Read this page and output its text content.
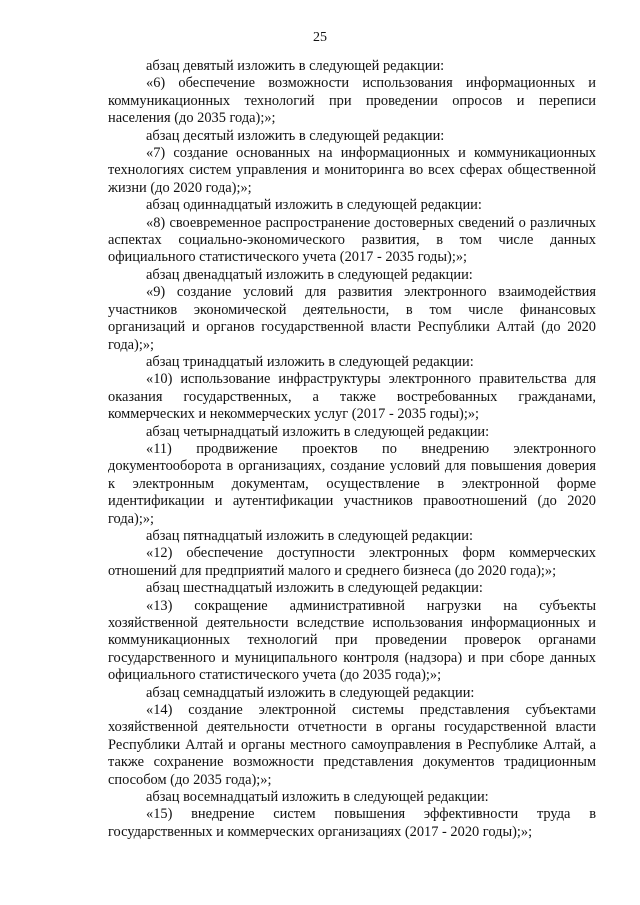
25

абзац девятый изложить в следующей редакции:

«6) обеспечение возможности использования информационных и коммуникационных технологий при проведении опросов и переписи населения (до 2035 года);»;

абзац десятый изложить в следующей редакции:

«7) создание основанных на информационных и коммуникационных технологиях систем управления и мониторинга во всех сферах общественной жизни (до 2020 года);»;

абзац одиннадцатый изложить в следующей редакции:

«8) своевременное распространение достоверных сведений о различных аспектах социально-экономического развития, в том числе данных официального статистического учета (2017 - 2035 годы);»;

абзац двенадцатый изложить в следующей редакции:

«9) создание условий для развития электронного взаимодействия участников экономической деятельности, в том числе финансовых организаций и органов государственной власти Республики Алтай (до 2020 года);»;

абзац тринадцатый изложить в следующей редакции:

«10) использование инфраструктуры электронного правительства для оказания государственных, а также востребованных гражданами, коммерческих и некоммерческих услуг (2017 - 2035 годы);»;

абзац четырнадцатый изложить в следующей редакции:

«11) продвижение проектов по внедрению электронного документооборота в организациях, создание условий для повышения доверия к электронным документам, осуществление в электронной форме идентификации и аутентификации участников правоотношений (до 2020 года);»;

абзац пятнадцатый изложить в следующей редакции:

«12) обеспечение доступности электронных форм коммерческих отношений для предприятий малого и среднего бизнеса (до 2020 года);»;

абзац шестнадцатый изложить в следующей редакции:

«13) сокращение административной нагрузки на субъекты хозяйственной деятельности вследствие использования информационных и коммуникационных технологий при проведении проверок органами государственного и муниципального контроля (надзора) и при сборе данных официального статистического учета (до 2035 года);»;

абзац семнадцатый изложить в следующей редакции:

«14) создание электронной системы представления субъектами хозяйственной деятельности отчетности в органы государственной власти Республики Алтай и органы местного самоуправления в Республике Алтай, а также сохранение возможности представления документов традиционным способом (до 2035 года);»;

абзац восемнадцатый изложить в следующей редакции:

«15) внедрение систем повышения эффективности труда в государственных и коммерческих организациях (2017 - 2020 годы);»;
